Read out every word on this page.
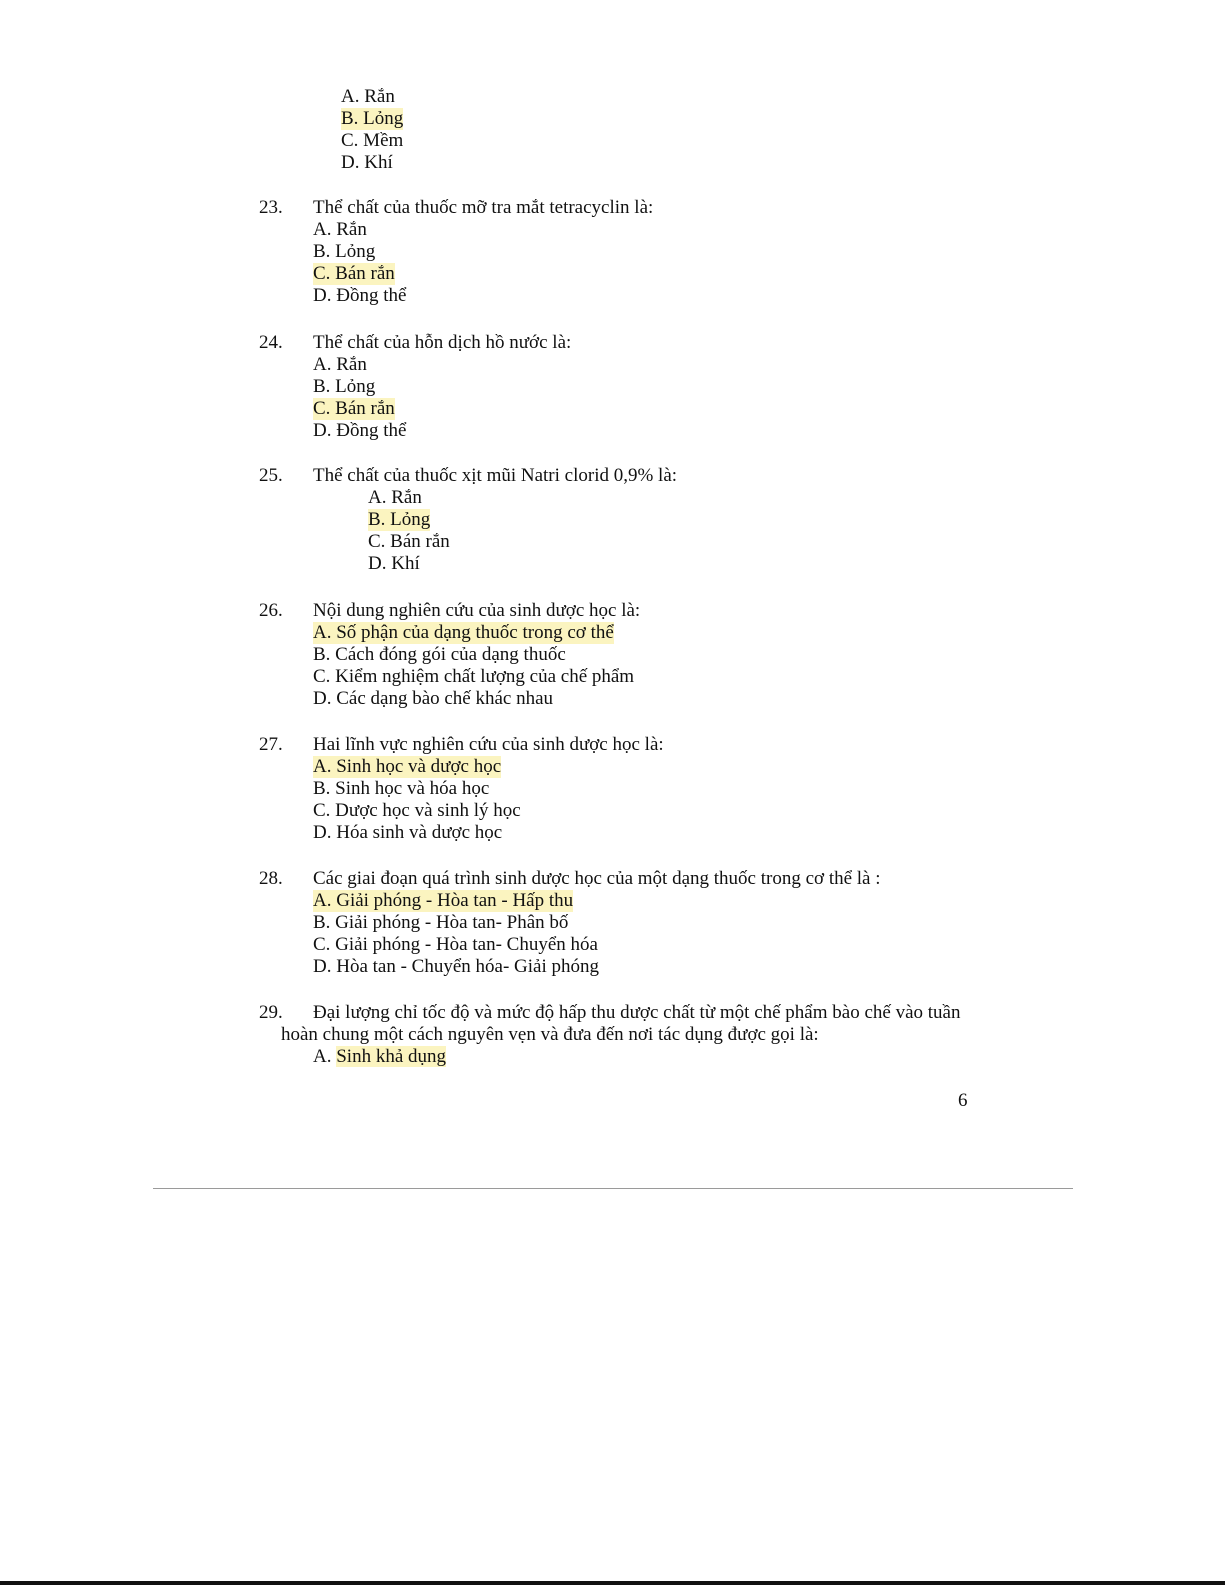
A. Rắn
B. Lỏng
C. Mềm
D. Khí
23. Thể chất của thuốc mỡ tra mắt tetracyclin là:
A. Rắn
B. Lỏng
C. Bán rắn
D. Đồng thể
24. Thể chất của hỗn dịch hồ nước là:
A. Rắn
B. Lỏng
C. Bán rắn
D. Đồng thể
25. Thể chất của thuốc xịt mũi Natri clorid 0,9% là:
A. Rắn
B. Lỏng
C. Bán rắn
D. Khí
26. Nội dung nghiên cứu của sinh dược học là:
A. Số phận của dạng thuốc trong cơ thể
B. Cách đóng gói của dạng thuốc
C. Kiểm nghiệm chất lượng của chế phẩm
D. Các dạng bào chế khác nhau
27. Hai lĩnh vực nghiên cứu của sinh dược học là:
A. Sinh học và dược học
B. Sinh học và hóa học
C. Dược học và sinh lý học
D. Hóa sinh và dược học
28. Các giai đoạn quá trình sinh dược học của một dạng thuốc trong cơ thể là :
A. Giải phóng - Hòa tan - Hấp thu
B. Giải phóng - Hòa tan- Phân bố
C. Giải phóng - Hòa tan- Chuyển hóa
D. Hòa tan - Chuyển hóa- Giải phóng
29. Đại lượng chỉ tốc độ và mức độ hấp thu dược chất từ một chế phẩm bào chế vào tuần
hoàn chung một cách nguyên vẹn và đưa đến nơi tác dụng được gọi là:
A. Sinh khả dụng
6
